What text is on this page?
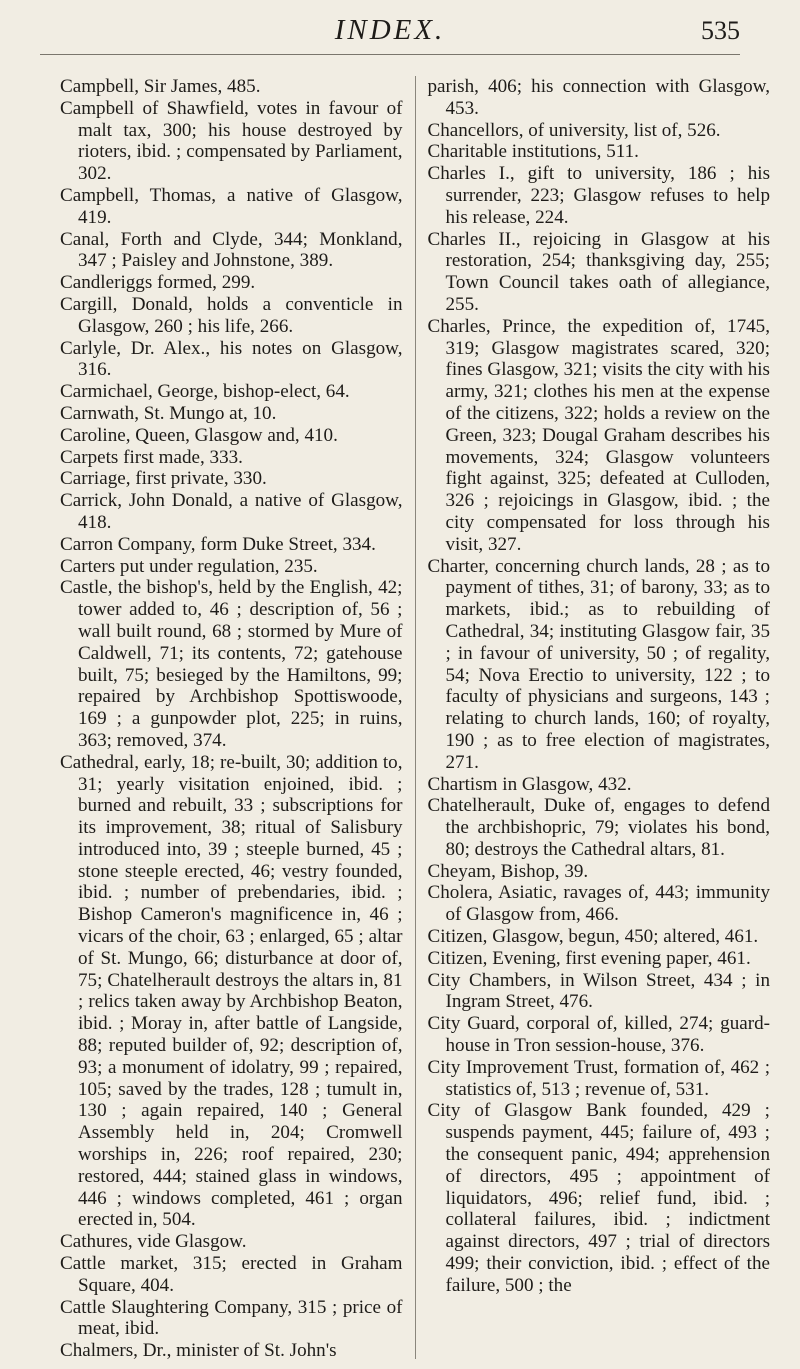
INDEX.	535

Campbell, Sir James, 485.

Campbell of Shawfield, votes in favour of malt tax, 300; his house destroyed by rioters, ibid. ; compensated by Parliament, 302.

Campbell, Thomas, a native of Glasgow, 419.

Canal, Forth and Clyde, 344; Monkland, 347 ; Paisley and Johnstone, 389.

Candleriggs formed, 299.

Cargill, Donald, holds a conventicle in Glasgow, 260 ; his life, 266.

Carlyle, Dr. Alex., his notes on Glasgow, 316.

Carmichael, George, bishop-elect, 64.

Carnwath, St. Mungo at, 10.

Caroline, Queen, Glasgow and, 410.

Carpets first made, 333.

Carriage, first private, 330.

Carrick, John Donald, a native of Glasgow, 418.

Carron Company, form Duke Street, 334.

Carters put under regulation, 235.

Castle, the bishop's, held by the English, 42; tower added to, 46 ; description of, 56 ; wall built round, 68 ; stormed by Mure of Caldwell, 71; its contents, 72; gatehouse built, 75; besieged by the Hamiltons, 99; repaired by Archbishop Spottiswoode, 169 ; a gunpowder plot, 225; in ruins, 363; removed, 374.

Cathedral, early, 18; re-built, 30; addition to, 31; yearly visitation enjoined, ibid. ; burned and rebuilt, 33 ; subscriptions for its improvement, 38; ritual of Salisbury introduced into, 39 ; steeple burned, 45 ; stone steeple erected, 46; vestry founded, ibid. ; number of prebendaries, ibid. ; Bishop Cameron's magnificence in, 46 ; vicars of the choir, 63 ; enlarged, 65 ; altar of St. Mungo, 66; disturbance at door of, 75; Chatelherault destroys the altars in, 81 ; relics taken away by Archbishop Beaton, ibid. ; Moray in, after battle of Langside, 88; reputed builder of, 92; description of, 93; a monument of idolatry, 99 ; repaired, 105; saved by the trades, 128 ; tumult in, 130 ; again repaired, 140 ; General Assembly held in, 204; Cromwell worships in, 226; roof repaired, 230; restored, 444; stained glass in windows, 446 ; windows completed, 461 ; organ erected in, 504.

Cathures, vide Glasgow.

Cattle market, 315; erected in Graham Square, 404.

Cattle Slaughtering Company, 315 ; price of meat, ibid.

Chalmers, Dr., minister of St. John's

parish, 406; his connection with Glasgow, 453.

Chancellors, of university, list of, 526.

Charitable institutions, 511.

Charles I., gift to university, 186 ; his surrender, 223; Glasgow refuses to help his release, 224.

Charles II., rejoicing in Glasgow at his restoration, 254; thanksgiving day, 255; Town Council takes oath of allegiance, 255.

Charles, Prince, the expedition of, 1745, 319; Glasgow magistrates scared, 320; fines Glasgow, 321; visits the city with his army, 321; clothes his men at the expense of the citizens, 322; holds a review on the Green, 323; Dougal Graham describes his movements, 324; Glasgow volunteers fight against, 325; defeated at Culloden, 326 ; rejoicings in Glasgow, ibid. ; the city compensated for loss through his visit, 327.

Charter, concerning church lands, 28 ; as to payment of tithes, 31; of barony, 33; as to markets, ibid.; as to rebuilding of Cathedral, 34; instituting Glasgow fair, 35 ; in favour of university, 50 ; of regality, 54; Nova Erectio to university, 122 ; to faculty of physicians and surgeons, 143 ; relating to church lands, 160; of royalty, 190 ; as to free election of magistrates, 271.

Chartism in Glasgow, 432.

Chatelherault, Duke of, engages to defend the archbishopric, 79; violates his bond, 80; destroys the Cathedral altars, 81.

Cheyam, Bishop, 39.

Cholera, Asiatic, ravages of, 443; immunity of Glasgow from, 466.

Citizen, Glasgow, begun, 450; altered, 461.

Citizen, Evening, first evening paper, 461.

City Chambers, in Wilson Street, 434 ; in Ingram Street, 476.

City Guard, corporal of, killed, 274; guard-house in Tron session-house, 376.

City Improvement Trust, formation of, 462 ; statistics of, 513 ; revenue of, 531.

City of Glasgow Bank founded, 429 ; suspends payment, 445; failure of, 493 ; the consequent panic, 494; apprehension of directors, 495 ; appointment of liquidators, 496; relief fund, ibid. ; collateral failures, ibid. ; indictment against directors, 497 ; trial of directors 499; their conviction, ibid. ; effect of the failure, 500 ; the
